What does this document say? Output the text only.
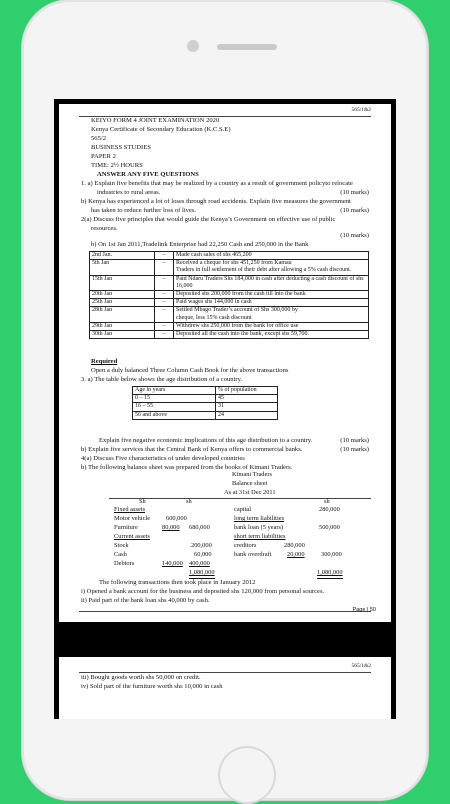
565/1&2
KEIYO FORM 4 JOINT EXAMINATION 2020
Kenya Certificate of Secondary Education (K.C.S.E)
565/2
BUSINESS STUDIES
PAPER 2
TIME: 2½ HOURS
ANSWER ANY FIVE QUESTIONS
1. a) Explain five benefits that may be realized by a country as a result of government policyto relocate
industries to rural areas.	(10 marks)
b) Kenya has experienced a lot of loses through road accidents. Explain five measures the government
has taken to reduce further loss of lives.	(10 marks)
2(a) Discuss five principles that would guide the Kenya’s Government on effective use of public
resources.
(10 marks)
b) On 1st Jan 2011,Tradelink Enterprise had 22,250 Cash and 250,000 in the Bank
2nd Jan.	–	Made cash sales of shs 465,200
5th Jan	–	Received a cheque for shs 451,250 from Kamau
Traders in full settlement of their debt after allowing a 5% cash discount.
15th Jan	–	Paid Ndaru Traders Shs 184,000 in cash after deducting a cash discount of shs 16,000
20th Jan	–	Deposited shs 200,000 from the cash till into the bank
25th Jan	–	Paid wages shs 144,000 in cash
28th Jan	–	Settled Mbago Trader’s account of Shs 300,000 by
cheque, less 15% cash discount
29th Jan	–	Withdrew shs 250,000 from the bank for office use
30th Jan	–	Deposited all the cash into the bank, except shs 59,700.
Required
Open a duly balanced Three Column Cash Book for the above transactions
3. a) The table below shows the age distribution of a country.
Age in years	% of population
0 – 15	45
16 – 55	31
56 and above	24
Explain five negative economic implications of this age distribution to a country.	(10 marks)
b) Explain five services that the Central Bank of Kenya offers to commercial banks.	(10 marks)
4(a) Discuss Five characteristics of under developed countries
b) The following balance sheet was prepared from the books of Kimani Traders.
Kimani Traders
Balance sheet
As at 31st Dec 2011
Sh	sh	sh
Fixed assets	capital	280,000
Motor vehicle 600,000	long term liabilities
Furniture	80,000 680,000	bank loan (5 years)	500,000
Current assets	short term liabilities
Stock	200,000	creditors	280,000
Cash	60,000	bank overdraft 20,000	300,000
Debtors	140,000 400,000
1,080,000	1,080,000
The following transactions then took place in January 2012
i) Opened a bank account for the business and deposited shs 120,000 from personal sources.
ii) Paid part of the bank loan shs 40,000 by cash.
Page | 50
565/1&2
iii) Bought goods worth shs 50,000 on credit.
iv) Sold part of the furniture worth shs 10,000 in cash
